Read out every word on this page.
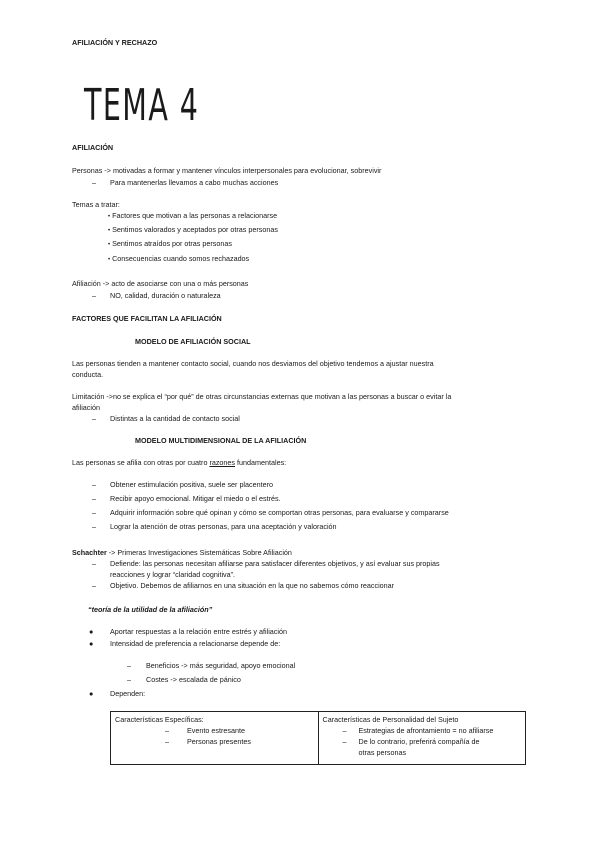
AFILIACIÓN Y RECHAZO
TEMA 4
AFILIACIÓN
Personas -> motivadas a formar y mantener vínculos interpersonales para evolucionar, sobrevivir
–
Para mantenerlas llevamos a cabo muchas acciones
Temas a tratar:
• Factores que motivan a las personas a relacionarse
• Sentimos valorados y aceptados por otras personas
• Sentimos atraídos por otras personas
• Consecuencias cuando somos rechazados
Afiliación -> acto de asociarse con una o más personas
–
NO, calidad, duración o naturaleza
FACTORES QUE FACILITAN LA AFILIACIÓN
MODELO DE AFILIACIÓN SOCIAL
Las personas tienden a mantener contacto social, cuando nos desviamos del objetivo tendemos a ajustar nuestra
conducta.
Limitación ->no se explica el “por qué” de otras circunstancias externas que motivan a las personas a buscar o evitar la
afiliación
–
Distintas a la cantidad de contacto social
MODELO MULTIDIMENSIONAL DE LA AFILIACIÓN
Las personas se afilia con otras por cuatro razones fundamentales:
–
Obtener estimulación positiva, suele ser placentero
–
Recibir apoyo emocional. Mitigar el miedo o el estrés.
–
Adquirir información sobre qué opinan y cómo se comportan otras personas, para evaluarse y compararse
–
Lograr la atención de otras personas, para una aceptación y valoración
Schachter -> Primeras Investigaciones Sistemáticas Sobre Afiliación
–
Defiende: las personas necesitan afiliarse para satisfacer diferentes objetivos, y así evaluar sus propias
reacciones y lograr “claridad cognitiva”.
–
Objetivo. Debemos de afiliarnos en una situación en la que no sabemos cómo reaccionar
“teoría de la utilidad de la afiliación”
● Aportar respuestas a la relación entre estrés y afiliación
● Intensidad de preferencia a relacionarse depende de:
–
Beneficios -> más seguridad, apoyo emocional
–
Costes -> escalada de pánico
● Dependen:
Características Específicas:
–
Evento estresante
–
Personas presentes

Características de Personalidad del Sujeto
–
Estrategias de afrontamiento = no afiliarse
–
De lo contrario, preferirá compañía de
otras personas
